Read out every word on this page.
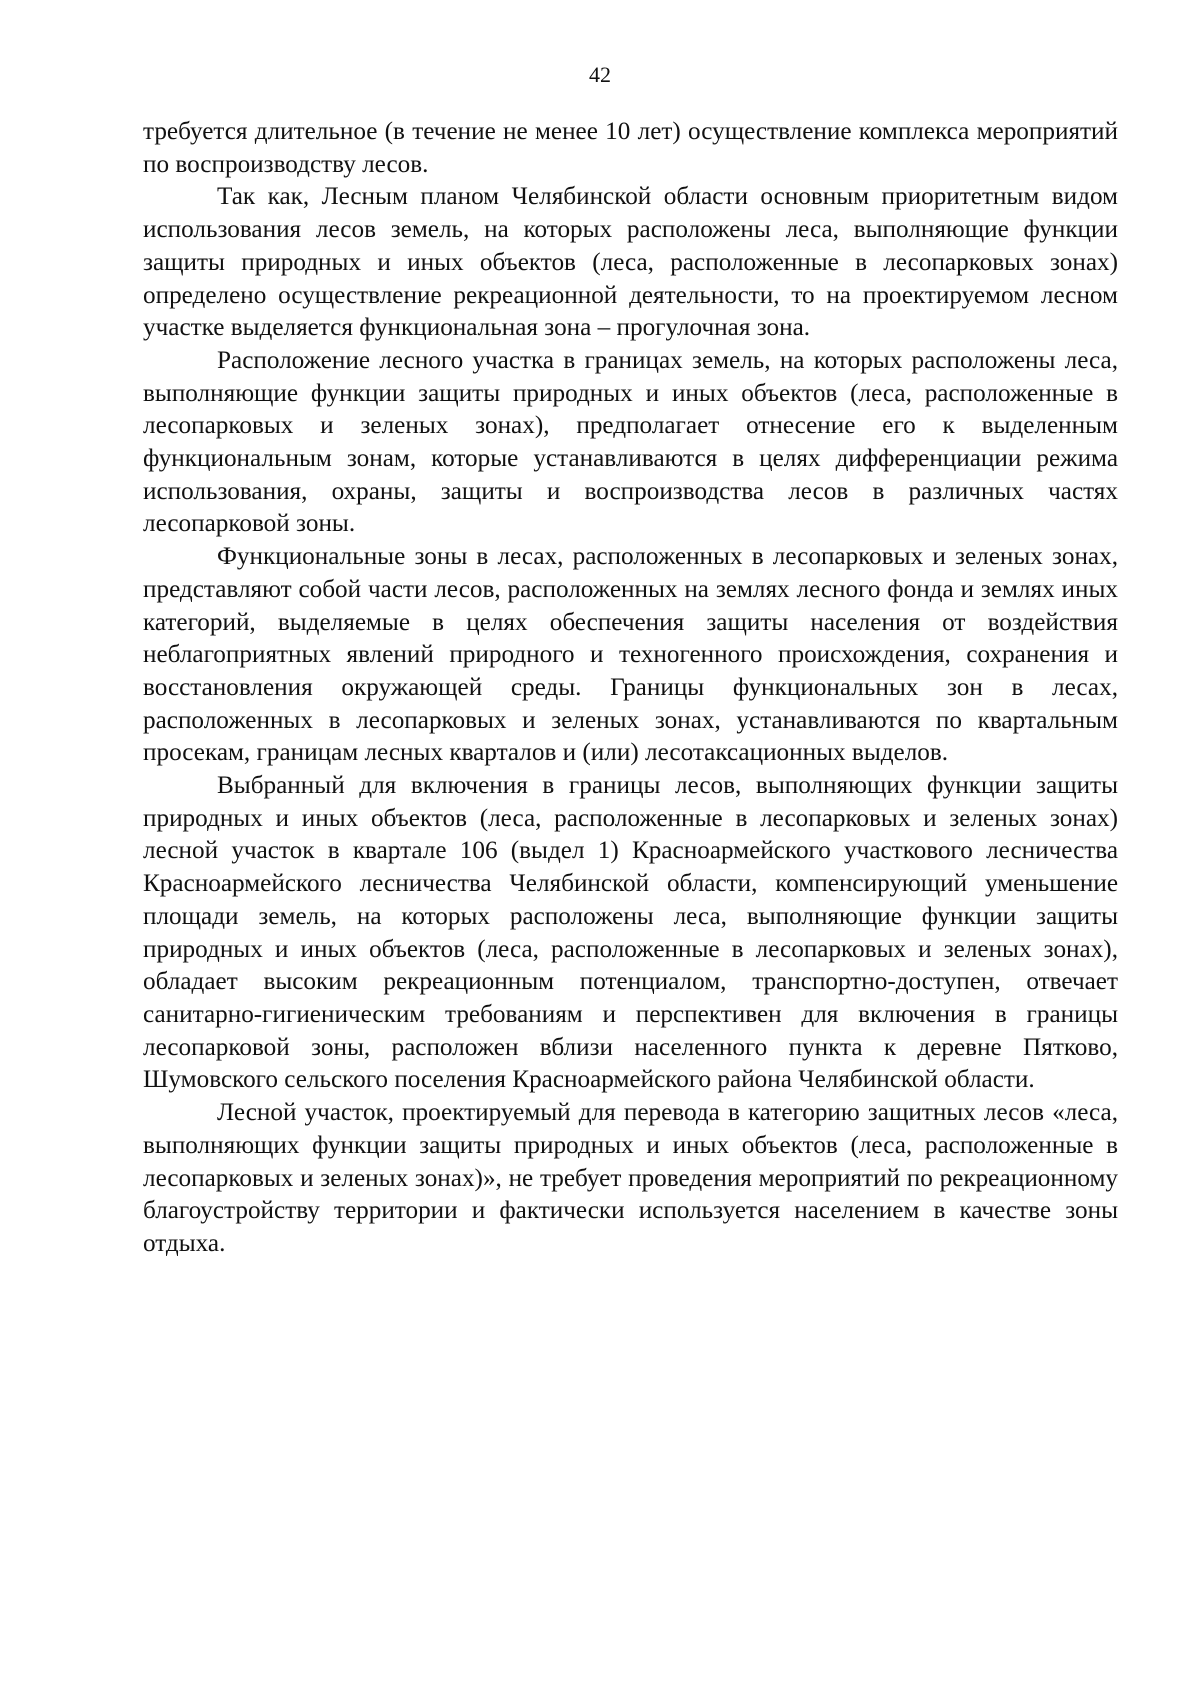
42

требуется длительное (в течение не менее 10 лет) осуществление комплекса мероприятий по воспроизводству лесов.

Так как, Лесным планом Челябинской области основным приоритетным видом использования лесов земель, на которых расположены леса, выполняющие функции защиты природных и иных объектов (леса, расположенные в лесопарковых зонах) определено осуществление рекреационной деятельности, то на проектируемом лесном участке выделяется функциональная зона – прогулочная зона.

Расположение лесного участка в границах земель, на которых расположены леса, выполняющие функции защиты природных и иных объектов (леса, расположенные в лесопарковых и зеленых зонах), предполагает отнесение его к выделенным функциональным зонам, которые устанавливаются в целях дифференциации режима использования, охраны, защиты и воспроизводства лесов в различных частях лесопарковой зоны.

Функциональные зоны в лесах, расположенных в лесопарковых и зеленых зонах, представляют собой части лесов, расположенных на землях лесного фонда и землях иных категорий, выделяемые в целях обеспечения защиты населения от воздействия неблагоприятных явлений природного и техногенного происхождения, сохранения и восстановления окружающей среды. Границы функциональных зон в лесах, расположенных в лесопарковых и зеленых зонах, устанавливаются по квартальным просекам, границам лесных кварталов и (или) лесотаксационных выделов.

Выбранный для включения в границы лесов, выполняющих функции защиты природных и иных объектов (леса, расположенные в лесопарковых и зеленых зонах) лесной участок в квартале 106 (выдел 1) Красноармейского участкового лесничества Красноармейского лесничества Челябинской области, компенсирующий уменьшение площади земель, на которых расположены леса, выполняющие функции защиты природных и иных объектов (леса, расположенные в лесопарковых и зеленых зонах), обладает высоким рекреационным потенциалом, транспортно-доступен, отвечает санитарно-гигиеническим требованиям и перспективен для включения в границы лесопарковой зоны, расположен вблизи населенного пункта к деревне Пятково, Шумовского сельского поселения Красноармейского района Челябинской области.

Лесной участок, проектируемый для перевода в категорию защитных лесов «леса, выполняющих функции защиты природных и иных объектов (леса, расположенные в лесопарковых и зеленых зонах)», не требует проведения мероприятий по рекреационному благоустройству территории и фактически используется населением в качестве зоны отдыха.
